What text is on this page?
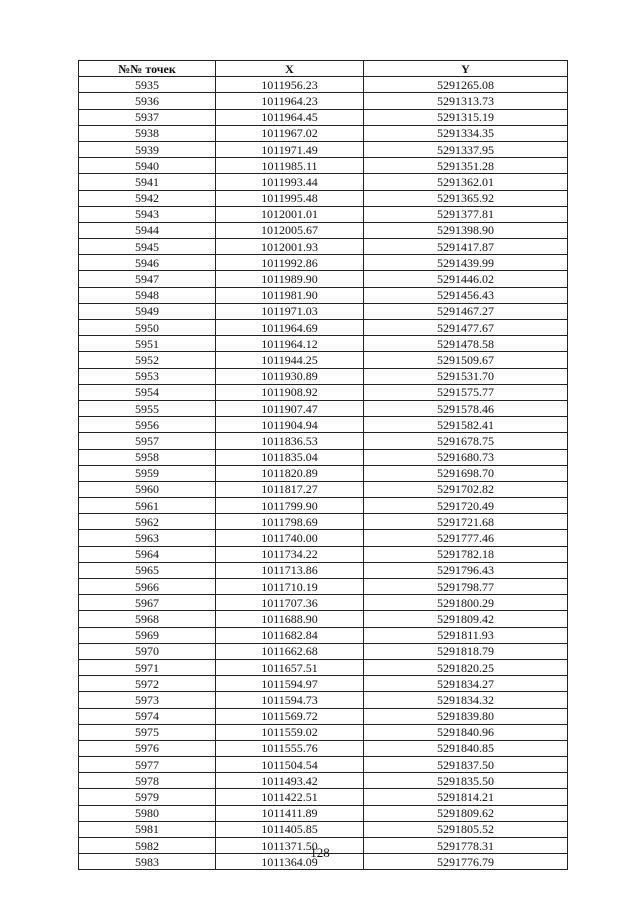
№№ точек	X	Y
5935	1011956.23	5291265.08
5936	1011964.23	5291313.73
5937	1011964.45	5291315.19
5938	1011967.02	5291334.35
5939	1011971.49	5291337.95
5940	1011985.11	5291351.28
5941	1011993.44	5291362.01
5942	1011995.48	5291365.92
5943	1012001.01	5291377.81
5944	1012005.67	5291398.90
5945	1012001.93	5291417.87
5946	1011992.86	5291439.99
5947	1011989.90	5291446.02
5948	1011981.90	5291456.43
5949	1011971.03	5291467.27
5950	1011964.69	5291477.67
5951	1011964.12	5291478.58
5952	1011944.25	5291509.67
5953	1011930.89	5291531.70
5954	1011908.92	5291575.77
5955	1011907.47	5291578.46
5956	1011904.94	5291582.41
5957	1011836.53	5291678.75
5958	1011835.04	5291680.73
5959	1011820.89	5291698.70
5960	1011817.27	5291702.82
5961	1011799.90	5291720.49
5962	1011798.69	5291721.68
5963	1011740.00	5291777.46
5964	1011734.22	5291782.18
5965	1011713.86	5291796.43
5966	1011710.19	5291798.77
5967	1011707.36	5291800.29
5968	1011688.90	5291809.42
5969	1011682.84	5291811.93
5970	1011662.68	5291818.79
5971	1011657.51	5291820.25
5972	1011594.97	5291834.27
5973	1011594.73	5291834.32
5974	1011569.72	5291839.80
5975	1011559.02	5291840.96
5976	1011555.76	5291840.85
5977	1011504.54	5291837.50
5978	1011493.42	5291835.50
5979	1011422.51	5291814.21
5980	1011411.89	5291809.62
5981	1011405.85	5291805.52
5982	1011371.50	5291778.31
5983	1011364.09	5291776.79
128
